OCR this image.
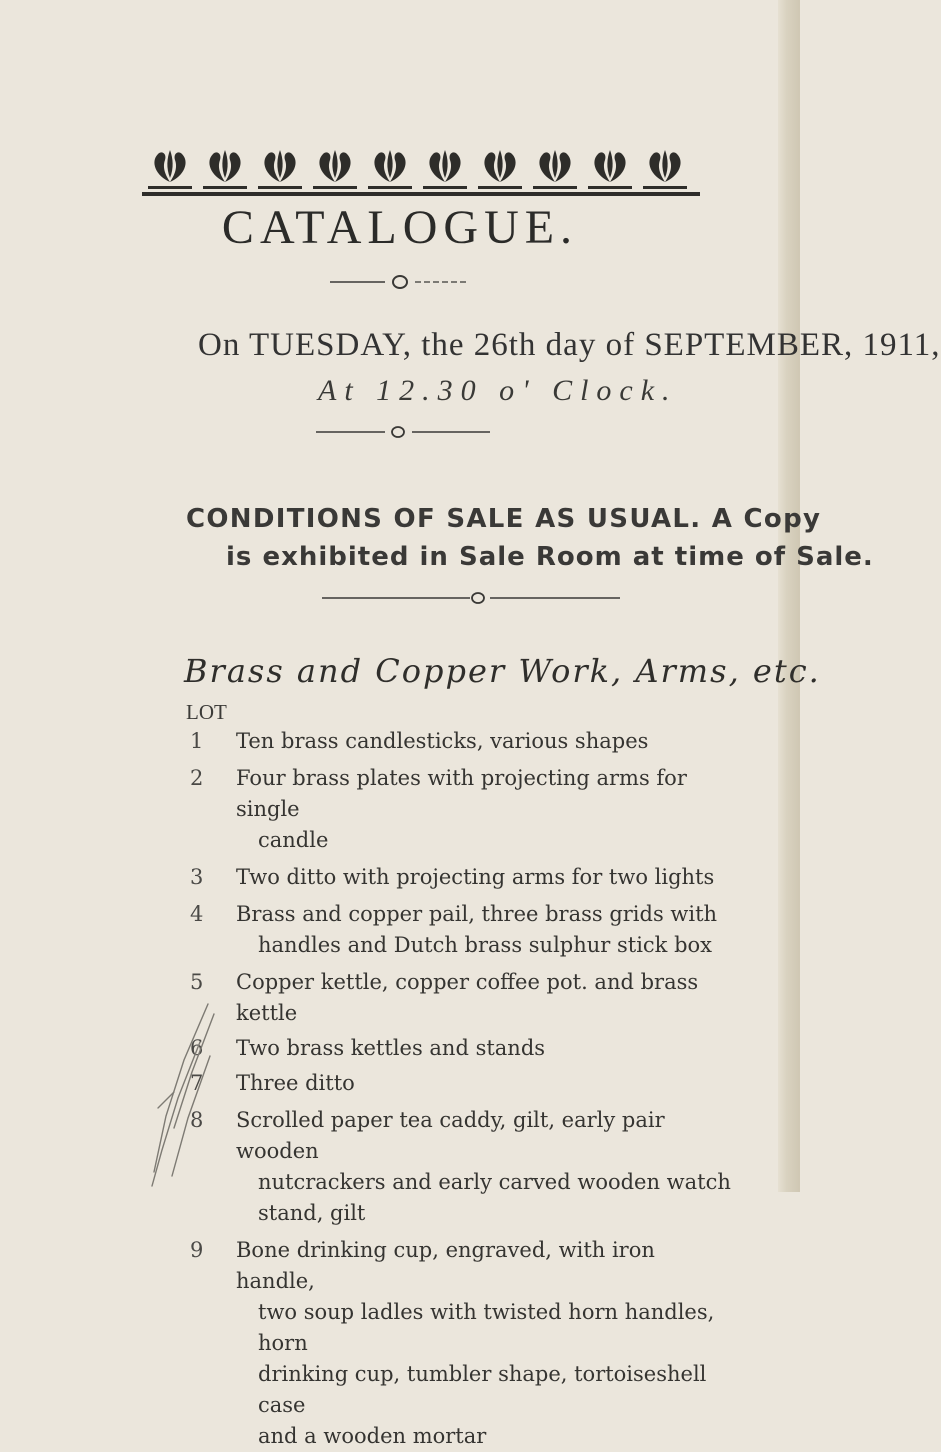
CATALOGUE.
On TUESDAY, the 26th day of SEPTEMBER, 1911,
At 12.30 o' Clock.
CONDITIONS OF SALE AS USUAL. A Copy
is exhibited in Sale Room at time of Sale.
Brass and Copper Work, Arms, etc.
LOT
1	Ten brass candlesticks, various shapes
2	Four brass plates with projecting arms for single
candle
3	Two ditto with projecting arms for two lights
4	Brass and copper pail, three brass grids with
handles and Dutch brass sulphur stick box
5	Copper kettle, copper coffee pot. and brass kettle
6	Two brass kettles and stands
7	Three ditto
8	Scrolled paper tea caddy, gilt, early pair wooden
nutcrackers and early carved wooden watch
stand, gilt
9	Bone drinking cup, engraved, with iron handle,
two soup ladles with twisted horn handles, horn
drinking cup, tumbler shape, tortoiseshell case
and a wooden mortar
